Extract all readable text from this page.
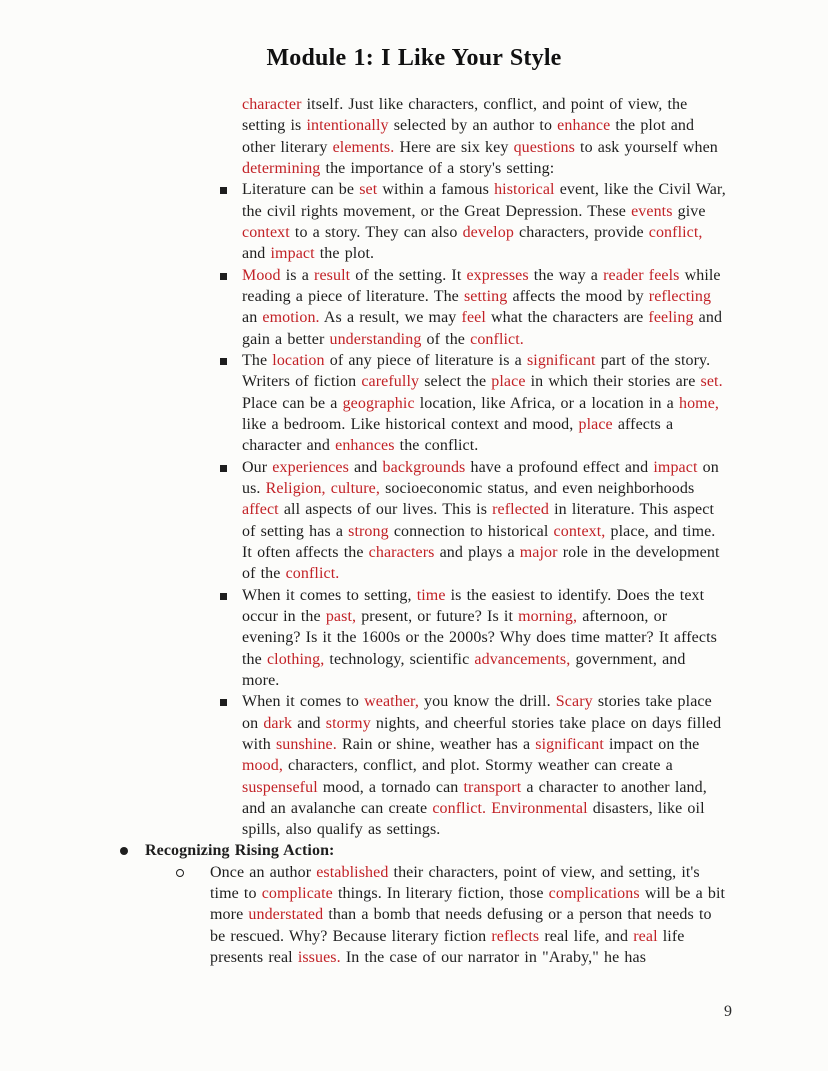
Module 1: I Like Your Style

character itself. Just like characters, conflict, and point of view, the setting is intentionally selected by an author to enhance the plot and other literary elements. Here are six key questions to ask yourself when determining the importance of a story's setting:

Literature can be set within a famous historical event, like the Civil War, the civil rights movement, or the Great Depression. These events give context to a story. They can also develop characters, provide conflict, and impact the plot.
Mood is a result of the setting. It expresses the way a reader feels while reading a piece of literature. The setting affects the mood by reflecting an emotion. As a result, we may feel what the characters are feeling and gain a better understanding of the conflict.
The location of any piece of literature is a significant part of the story. Writers of fiction carefully select the place in which their stories are set. Place can be a geographic location, like Africa, or a location in a home, like a bedroom. Like historical context and mood, place affects a character and enhances the conflict.
Our experiences and backgrounds have a profound effect and impact on us. Religion, culture, socioeconomic status, and even neighborhoods affect all aspects of our lives. This is reflected in literature. This aspect of setting has a strong connection to historical context, place, and time. It often affects the characters and plays a major role in the development of the conflict.
When it comes to setting, time is the easiest to identify. Does the text occur in the past, present, or future? Is it morning, afternoon, or evening? Is it the 1600s or the 2000s? Why does time matter? It affects the clothing, technology, scientific advancements, government, and more.
When it comes to weather, you know the drill. Scary stories take place on dark and stormy nights, and cheerful stories take place on days filled with sunshine. Rain or shine, weather has a significant impact on the mood, characters, conflict, and plot. Stormy weather can create a suspenseful mood, a tornado can transport a character to another land, and an avalanche can create conflict. Environmental disasters, like oil spills, also qualify as settings.
Recognizing Rising Action:
Once an author established their characters, point of view, and setting, it's time to complicate things. In literary fiction, those complications will be a bit more understated than a bomb that needs defusing or a person that needs to be rescued. Why? Because literary fiction reflects real life, and real life presents real issues. In the case of our narrator in "Araby," he has
9
